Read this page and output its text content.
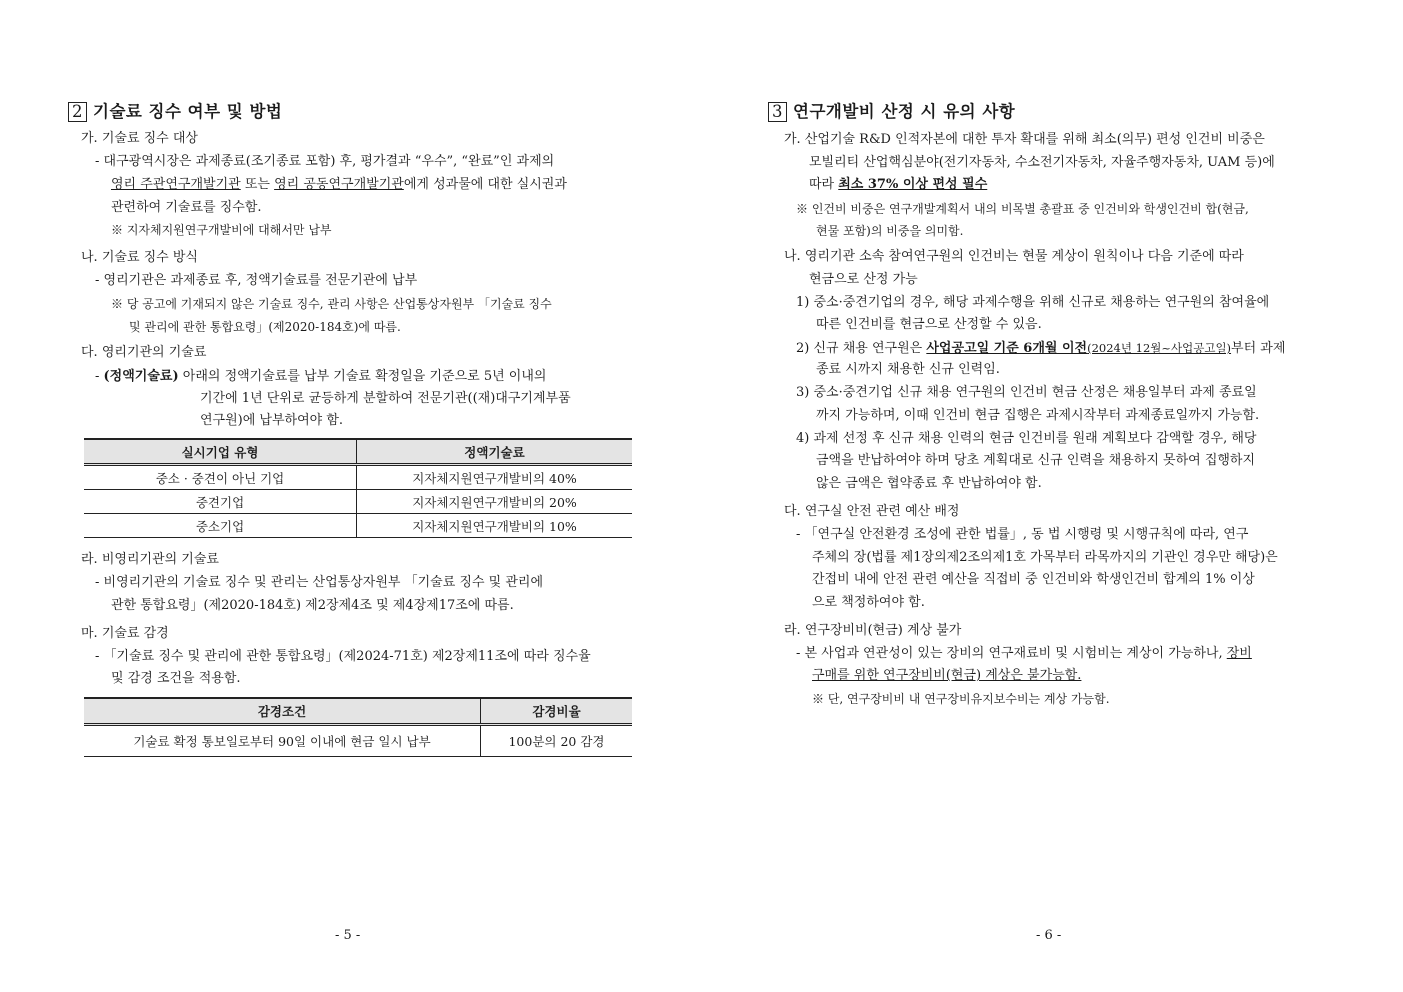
2 기술료 징수 여부 및 방법
가. 기술료 징수 대상
- 대구광역시장은 과제종료(조기종료 포함) 후, 평가결과 “우수”, “완료”인 과제의
영리 주관연구개발기관 또는 영리 공동연구개발기관에게 성과물에 대한 실시권과
관련하여 기술료를 징수함.
※ 지자체지원연구개발비에 대해서만 납부
나. 기술료 징수 방식
- 영리기관은 과제종료 후, 정액기술료를 전문기관에 납부
※ 당 공고에 기재되지 않은 기술료 징수, 관리 사항은 산업통상자원부 「기술료 징수
및 관리에 관한 통합요령」(제2020-184호)에 따름.
다. 영리기관의 기술료
- (정액기술료) 아래의 정액기술료를 납부 기술료 확정일을 기준으로 5년 이내의
기간에 1년 단위로 균등하게 분할하여 전문기관((재)대구기계부품
연구원)에 납부하여야 함.
실시기업 유형	정액기술료
중소 · 중견이 아닌 기업	지자체지원연구개발비의 40%
중견기업	지자체지원연구개발비의 20%
중소기업	지자체지원연구개발비의 10%
라. 비영리기관의 기술료
- 비영리기관의 기술료 징수 및 관리는 산업통상자원부 「기술료 징수 및 관리에
관한 통합요령」(제2020-184호) 제2장제4조 및 제4장제17조에 따름.
마. 기술료 감경
- 「기술료 징수 및 관리에 관한 통합요령」(제2024-71호) 제2장제11조에 따라 징수율
및 감경 조건을 적용함.
감경조건	감경비율
기술료 확정 통보일로부터 90일 이내에 현금 일시 납부	100분의 20 감경
- 5 -
3 연구개발비 산정 시 유의 사항
가. 산업기술 R&D 인적자본에 대한 투자 확대를 위해 최소(의무) 편성 인건비 비중은
모빌리티 산업핵심분야(전기자동차, 수소전기자동차, 자율주행자동차, UAM 등)에
따라 최소 37% 이상 편성 필수
※ 인건비 비중은 연구개발계획서 내의 비목별 총괄표 중 인건비와 학생인건비 합(현금,
현물 포함)의 비중을 의미함.
나. 영리기관 소속 참여연구원의 인건비는 현물 계상이 원칙이나 다음 기준에 따라
현금으로 산정 가능
1) 중소·중견기업의 경우, 해당 과제수행을 위해 신규로 채용하는 연구원의 참여율에
따른 인건비를 현금으로 산정할 수 있음.
2) 신규 채용 연구원은 사업공고일 기준 6개월 이전(2024년 12월~사업공고일)부터 과제
종료 시까지 채용한 신규 인력임.
3) 중소·중견기업 신규 채용 연구원의 인건비 현금 산정은 채용일부터 과제 종료일
까지 가능하며, 이때 인건비 현금 집행은 과제시작부터 과제종료일까지 가능함.
4) 과제 선정 후 신규 채용 인력의 현금 인건비를 원래 계획보다 감액할 경우, 해당
금액을 반납하여야 하며 당초 계획대로 신규 인력을 채용하지 못하여 집행하지
않은 금액은 협약종료 후 반납하여야 함.
다. 연구실 안전 관련 예산 배정
- 「연구실 안전환경 조성에 관한 법률」, 동 법 시행령 및 시행규칙에 따라, 연구
주체의 장(법률 제1장의제2조의제1호 가목부터 라목까지의 기관인 경우만 해당)은
간접비 내에 안전 관련 예산을 직접비 중 인건비와 학생인건비 합계의 1% 이상
으로 책정하여야 함.
라. 연구장비비(현금) 계상 불가
- 본 사업과 연관성이 있는 장비의 연구재료비 및 시험비는 계상이 가능하나, 장비
구매를 위한 연구장비비(현금) 계상은 불가능함.
※ 단, 연구장비비 내 연구장비유지보수비는 계상 가능함.
- 6 -
